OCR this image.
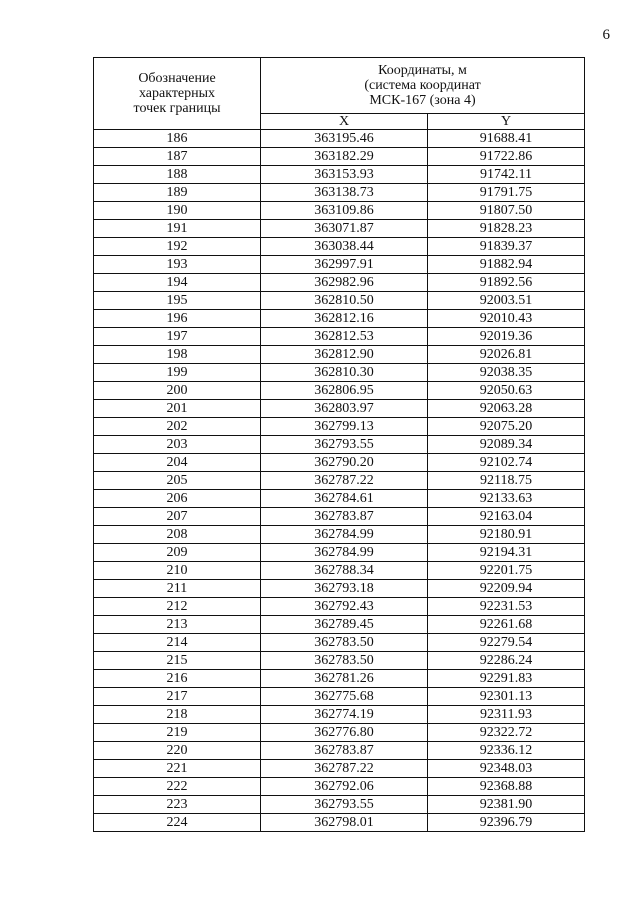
6
Обозначение
характерных
точек границы	Координаты, м
(система координат
МСК-167 (зона 4)	
	X	Y
186	363195.46	91688.41
187	363182.29	91722.86
188	363153.93	91742.11
189	363138.73	91791.75
190	363109.86	91807.50
191	363071.87	91828.23
192	363038.44	91839.37
193	362997.91	91882.94
194	362982.96	91892.56
195	362810.50	92003.51
196	362812.16	92010.43
197	362812.53	92019.36
198	362812.90	92026.81
199	362810.30	92038.35
200	362806.95	92050.63
201	362803.97	92063.28
202	362799.13	92075.20
203	362793.55	92089.34
204	362790.20	92102.74
205	362787.22	92118.75
206	362784.61	92133.63
207	362783.87	92163.04
208	362784.99	92180.91
209	362784.99	92194.31
210	362788.34	92201.75
211	362793.18	92209.94
212	362792.43	92231.53
213	362789.45	92261.68
214	362783.50	92279.54
215	362783.50	92286.24
216	362781.26	92291.83
217	362775.68	92301.13
218	362774.19	92311.93
219	362776.80	92322.72
220	362783.87	92336.12
221	362787.22	92348.03
222	362792.06	92368.88
223	362793.55	92381.90
224	362798.01	92396.79
